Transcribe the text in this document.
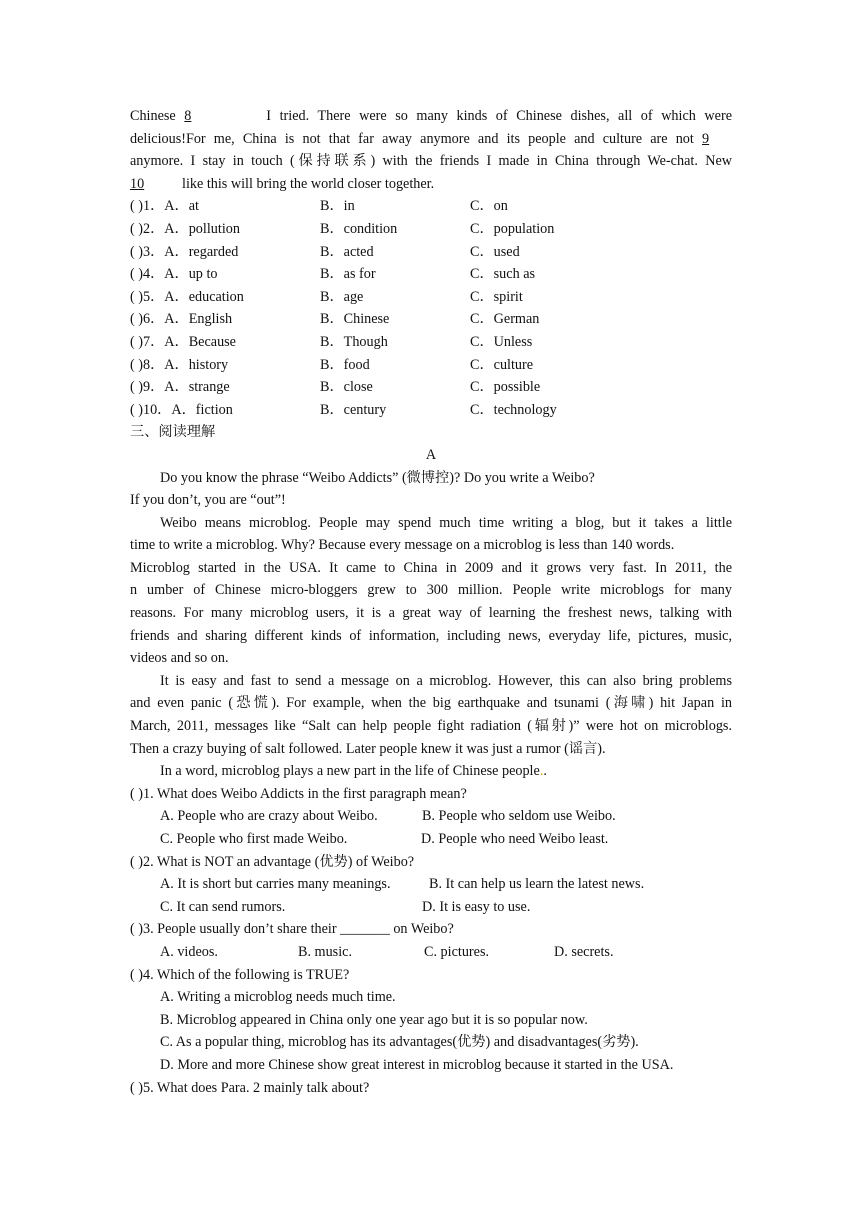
Chinese 8	I tried. There were so many kinds of Chinese dishes, all of which were
delicious!For me, China is not that far away anymore and its people and culture are not 9
anymore. I stay in touch (保持联系) with the friends I made in China through We-chat. New
10	like this will bring the world closer together.
( )1．A．at	B．in	C．on
( )2．A．pollution	B．condition	C．population
( )3．A．regarded	B．acted	C．used
( )4．A．up to	B．as for	C．such as
( )5．A．education	B．age	C．spirit
( )6．A．English	B．Chinese	C．German
( )7．A．Because	B．Though	C．Unless
( )8．A．history	B．food	C．culture
( )9．A．strange	B．close	C．possible
( )10．A．fiction	B．century	C．technology
三、阅读理解
A
Do you know the phrase “Weibo Addicts” (微博控)? Do you write a Weibo?
If you don’t, you are “out”!
Weibo means microblog. People may spend much time writing a blog, but it takes a little
time to write a microblog. Why? Because every message on a microblog is less than 140 words.
Microblog started in the USA. It came to China in 2009 and it grows very fast. In 2011, the
n umber of Chinese micro-bloggers grew to 300 million. People write microblogs for many
reasons. For many microblog users, it is a great way of learning the freshest news, talking with
friends and sharing different kinds of information, including news, everyday life, pictures, music,
videos and so on.
It is easy and fast to send a message on a microblog. However, this can also bring problems
and even panic (恐慌). For example, when the big earthquake and tsunami (海啸) hit Japan in
March, 2011, messages like “Salt can help people fight radiation (辐射)” were hot on microblogs.
Then a crazy buying of salt followed. Later people knew it was just a rumor (谣言).
In a word, microblog plays a new part in the life of Chinese people..
( )1. What does Weibo Addicts in the first paragraph mean?
A. People who are crazy about Weibo.	B. People who seldom use Weibo.
C. People who first made Weibo.	D. People who need Weibo least.
( )2. What is NOT an advantage (优势) of Weibo?
A. It is short but carries many meanings.	B. It can help us learn the latest news.
C. It can send rumors.	D. It is easy to use.
( )3. People usually don’t share their _______ on Weibo?
A. videos.	B. music.	C. pictures.	D. secrets.
( )4. Which of the following is TRUE?
A. Writing a microblog needs much time.
B. Microblog appeared in China only one year ago but it is so popular now.
C. As a popular thing, microblog has its advantages(优势) and disadvantages(劣势).
D. More and more Chinese show great interest in microblog because it started in the USA.
( )5. What does Para. 2 mainly talk about?
